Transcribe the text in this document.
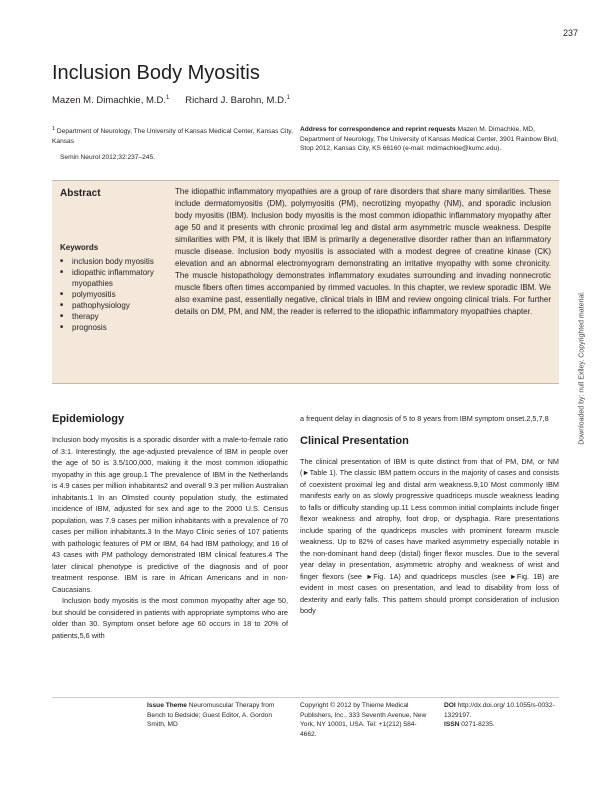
237
Inclusion Body Myositis
Mazen M. Dimachkie, M.D.$^1$ Richard J. Barohn, M.D.$^1$
$^1$ Department of Neurology, The University of Kansas Medical Center, Kansas City, Kansas
Semin Neurol 2012;32:237–245.
Address for correspondence and reprint requests Mazen M. Dimachkie, MD, Department of Neurology, The University of Kansas Medical Center, 3901 Rainbow Blvd, Stop 2012, Kansas City, KS 66160 (e-mail: mdimachkie@kumc.edu).
Abstract	The idiopathic inflammatory myopathies are a group of rare disorders that share many similarities. These include dermatomyositis (DM), polymyositis (PM), necrotizing myopathy (NM), and sporadic inclusion body myositis (IBM). Inclusion body myositis is the most common idiopathic inflammatory myopathy after age 50 and it presents with chronic proximal leg and distal arm asymmetric muscle weakness. Despite similarities with PM, it is likely that IBM is primarily a degenerative disorder rather than an inflammatory muscle disease. Inclusion body myositis is associated with a modest degree of creatine kinase (CK) elevation and an abnormal electromyogram demonstrating an irritative myopathy with some chronicity. The muscle histopathology demonstrates inflammatory exudates surrounding and invading nonnecrotic muscle fibers often times accompanied by rimmed vacuoles. In this chapter, we review sporadic IBM. We also examine past, essentially negative, clinical trials in IBM and review ongoing clinical trials. For further details on DM, PM, and NM, the reader is referred to the idiopathic inflammatory myopathies chapter.
Keywords
■ inclusion body myositis
■ idiopathic inflammatory myopathies
■ polymyositis
■ pathophysiology
■ therapy
■ prognosis
Epidemiology

Inclusion body myositis is a sporadic disorder with a male-to-female ratio of 3:1. Interestingly, the age-adjusted prevalence of IBM in people over the age of 50 is 3.5/100,000, making it the most common idiopathic myopathy in this age group.1 The prevalence of IBM in the Netherlands is 4.9 cases per million inhabitants2 and overall 9.3 per million Australian inhabitants.1 In an Olmsted county population study, the estimated incidence of IBM, adjusted for sex and age to the 2000 U.S. Census population, was 7.9 cases per million inhabitants with a prevalence of 70 cases per million inhabitants.3 In the Mayo Clinic series of 107 patients with pathologic features of PM or IBM, 64 had IBM pathology, and 16 of 43 cases with PM pathology demonstrated IBM clinical features.4 The later clinical phenotype is predictive of the diagnosis and of poor treatment response. IBM is rare in African Americans and in non-Caucasians.

Inclusion body myositis is the most common myopathy after age 50, but should be considered in patients with appropriate symptoms who are older than 30. Symptom onset before age 60 occurs in 18 to 20% of patients,5,6 with

a frequent delay in diagnosis of 5 to 8 years from IBM symptom onset.2,5,7,8

Clinical Presentation

The clinical presentation of IBM is quite distinct from that of PM, DM, or NM (►Table 1). The classic IBM pattern occurs in the majority of cases and consists of coexistent proximal leg and distal arm weakness.9,10 Most commonly IBM manifests early on as slowly progressive quadriceps muscle weakness leading to falls or difficulty standing up.11 Less common initial complaints include finger flexor weakness and atrophy, foot drop, or dysphagia. Rare presentations include sparing of the quadriceps muscles with prominent forearm muscle weakness. Up to 82% of cases have marked asymmetry especially notable in the non-dominant hand deep (distal) finger flexor muscles. Due to the several year delay in presentation, asymmetric atrophy and weakness of wrist and finger flexors (see ►Fig. 1A) and quadriceps muscles (see ►Fig. 1B) are evident in most cases on presentation, and lead to disability from loss of dexterity and early falls. This pattern should prompt consideration of inclusion body

Issue Theme Neuromuscular Therapy from Bench to Bedside; Guest Editor, A. Gordon Smith, MD
Copyright © 2012 by Thieme Medical Publishers, Inc., 333 Seventh Avenue, New York, NY 10001, USA. Tel: +1(212) 584-4662.
DOI http://dx.doi.org/ 10.1055/s-0032-1329197.
ISSN 0271-8235.
Downloaded by: null Exlley. Copyrighted material.
